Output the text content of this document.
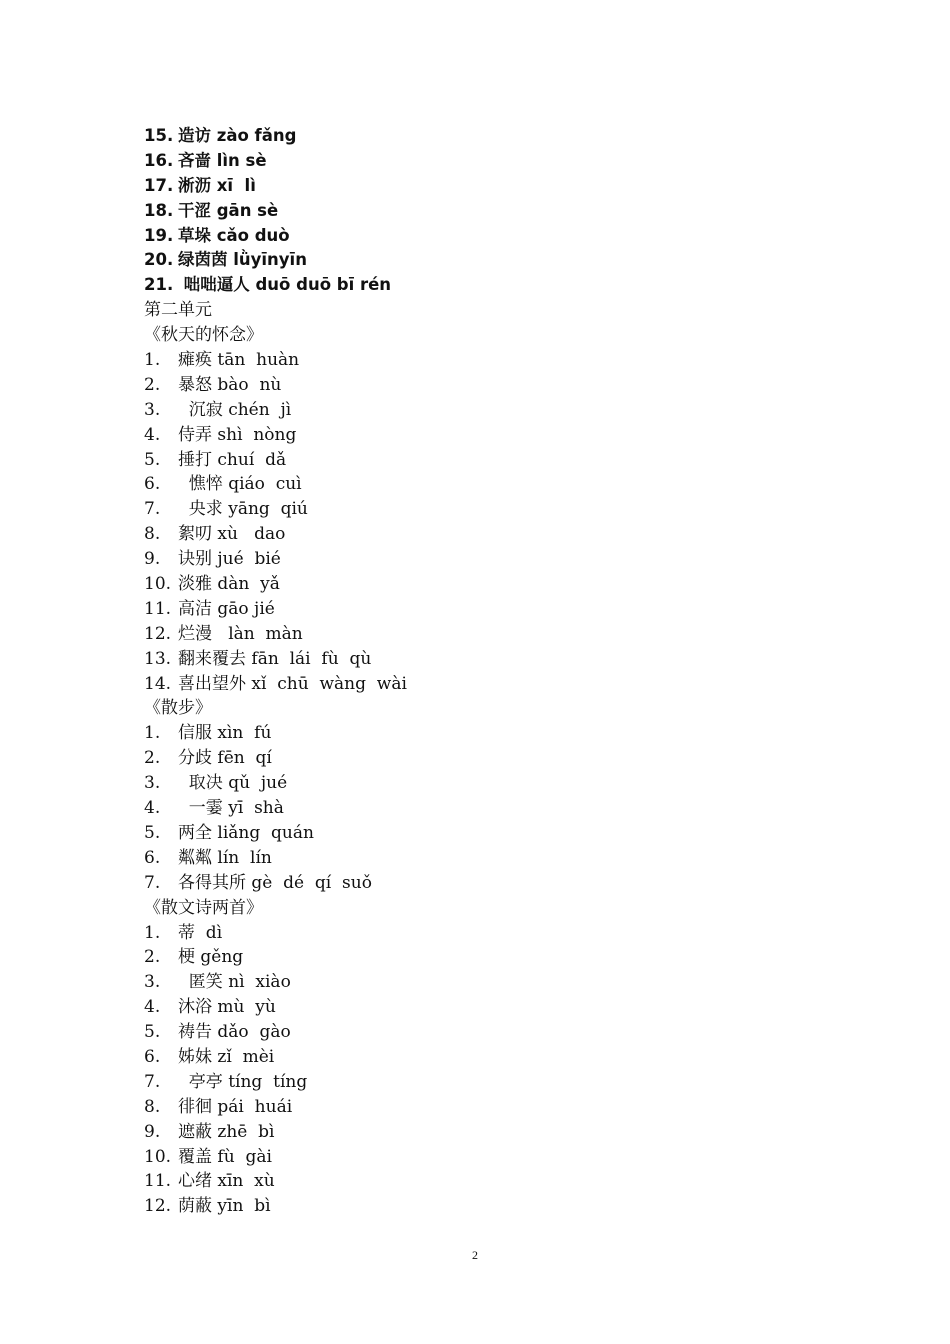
15. 造访 zào fǎng
16. 吝啬 lìn sè
17. 淅沥 xī  lì
18. 干涩 gān sè
19. 草垛 cǎo duò
20. 绿茵茵 lǜyīnyīn
21. 咄咄逼人 duō duō bī rén
第二单元
《秋天的怀念》
1. 瘫痪 tān  huàn
2. 暴怒 bào  nù
3.  沉寂 chén  jì
4. 侍弄 shì  nòng
5. 捶打 chuí  dǎ
6.  憔悴 qiáo  cuì
7.  央求 yāng  qiú
8. 絮叨 xù   dao
9. 诀别 jué  bié
10. 淡雅 dàn  yǎ
11. 高洁 gāo jié
12. 烂漫   làn  màn
13. 翻来覆去 fān  lái  fù  qù
14. 喜出望外 xǐ  chū  wàng  wài
《散步》
1. 信服 xìn  fú
2. 分歧 fēn  qí
3.  取决 qǔ  jué
4.  一霎 yī  shà
5. 两全 liǎng  quán
6. 粼粼 lín  lín
7. 各得其所 gè  dé  qí  suǒ
《散文诗两首》
1. 蒂  dì
2. 梗 gěng
3.  匿笑 nì  xiào
4. 沐浴 mù  yù
5. 祷告 dǎo  gào
6. 姊妹 zǐ  mèi
7.  亭亭 tíng  tíng
8. 徘徊 pái  huái
9. 遮蔽 zhē  bì
10. 覆盖 fù  gài
11. 心绪 xīn  xù
12. 荫蔽 yīn  bì
2
